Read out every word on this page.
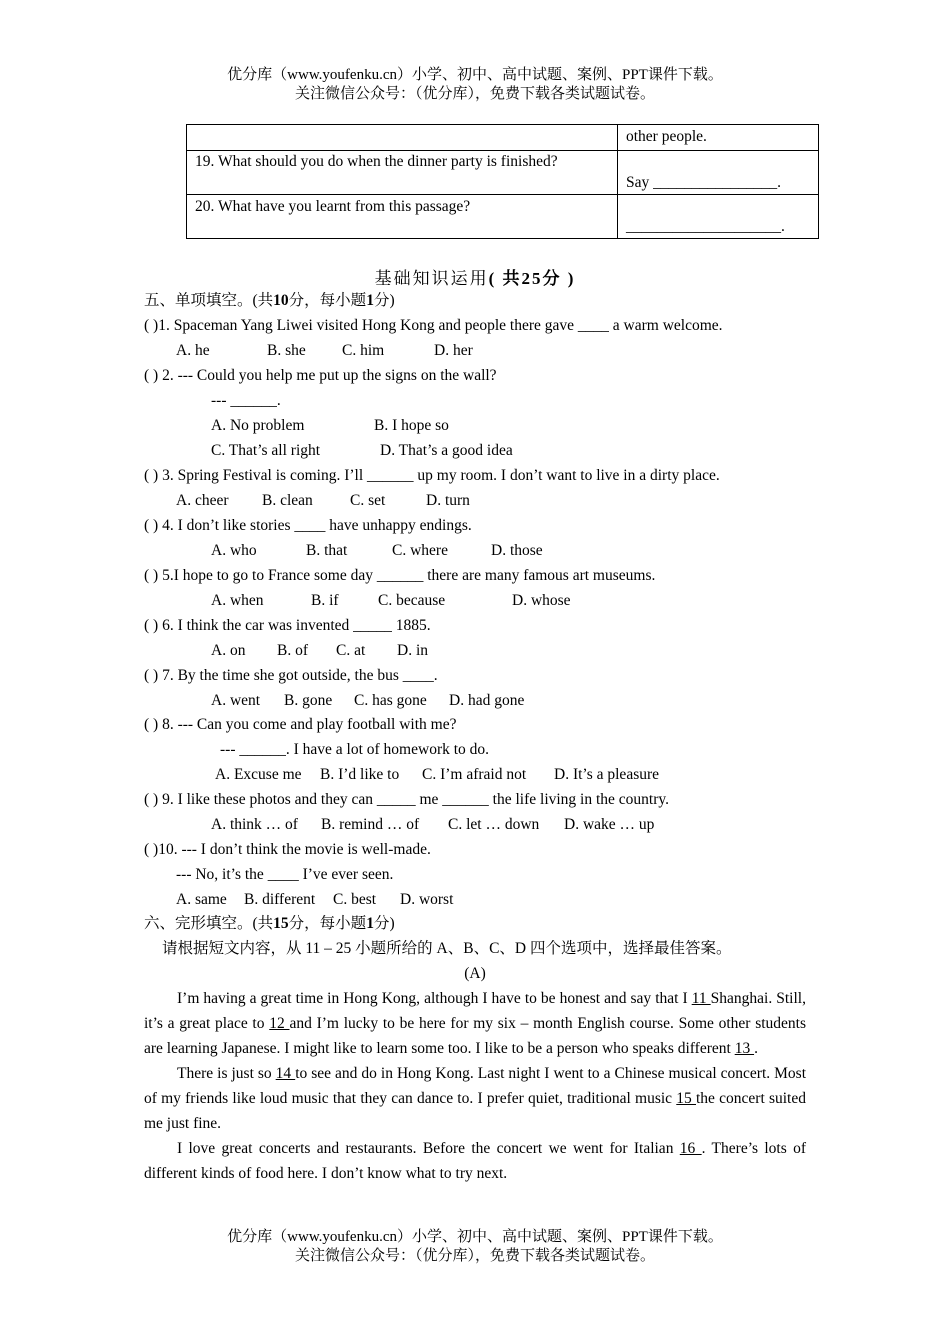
优分库（www.youfenku.cn）小学、初中、高中试题、案例、PPT课件下载。
关注微信公众号：（优分库），免费下载各类试题试卷。
	other people.
19. What should you do when the dinner party is finished?	Say ________________.
20. What have you learnt from this passage?	____________________.
基础知识运用( 共25分 )
五、单项填空。(共10分，每小题1分)
( )1. Spaceman Yang Liwei visited Hong Kong and people there gave ____ a warm welcome.
A. he	B. she C. him	D. her
( ) 2. --- Could you help me put up the signs on the wall?
--- ______.
A. No problem	B. I hope so
C. That’s all right	D. That’s a good idea
( ) 3. Spring Festival is coming. I’ll ______ up my room. I don’t want to live in a dirty place.
A. cheer B. clean C. set	D. turn
( ) 4. I don’t like stories ____ have unhappy endings.
A. who	B. that	C. where	D. those
( ) 5.I hope to go to France some day ______ there are many famous art museums.
A. when	B. if	C. because	D. whose
( ) 6. I think the car was invented _____ 1885.
A. on B. of C. at D. in
( ) 7. By the time she got outside, the bus ____.
A. went B. gone C. has gone D. had gone
( ) 8. --- Can you come and play football with me?
--- ______. I have a lot of homework to do.
A. Excuse me B. I’d like to C. I’m afraid not D. It’s a pleasure
( ) 9. I like these photos and they can _____ me ______ the life living in the country.
A. think … of B. remind … of C. let … down D. wake … up
( )10. --- I don’t think the movie is well-made.
--- No, it’s the ____ I’ve ever seen.
A. same B. different C. best D. worst
六、完形填空。(共15分，每小题1分)
请根据短文内容，从 11 – 25 小题所给的 A、B、C、D 四个选项中，选择最佳答案。
(A)

I’m having a great time in Hong Kong, although I have to be honest and say that I 11 Shanghai. Still, it’s a great place to 12 and I’m lucky to be here for my six – month English course. Some other students are learning Japanese. I might like to learn some too. I like to be a person who speaks different 13 .

There is just so 14 to see and do in Hong Kong. Last night I went to a Chinese musical concert. Most of my friends like loud music that they can dance to. I prefer quiet, traditional music 15 the concert suited me just fine.

I love great concerts and restaurants. Before the concert we went for Italian 16 . There’s lots of different kinds of food here. I don’t know what to try next.

优分库（www.youfenku.cn）小学、初中、高中试题、案例、PPT课件下载。
关注微信公众号：（优分库），免费下载各类试题试卷。
